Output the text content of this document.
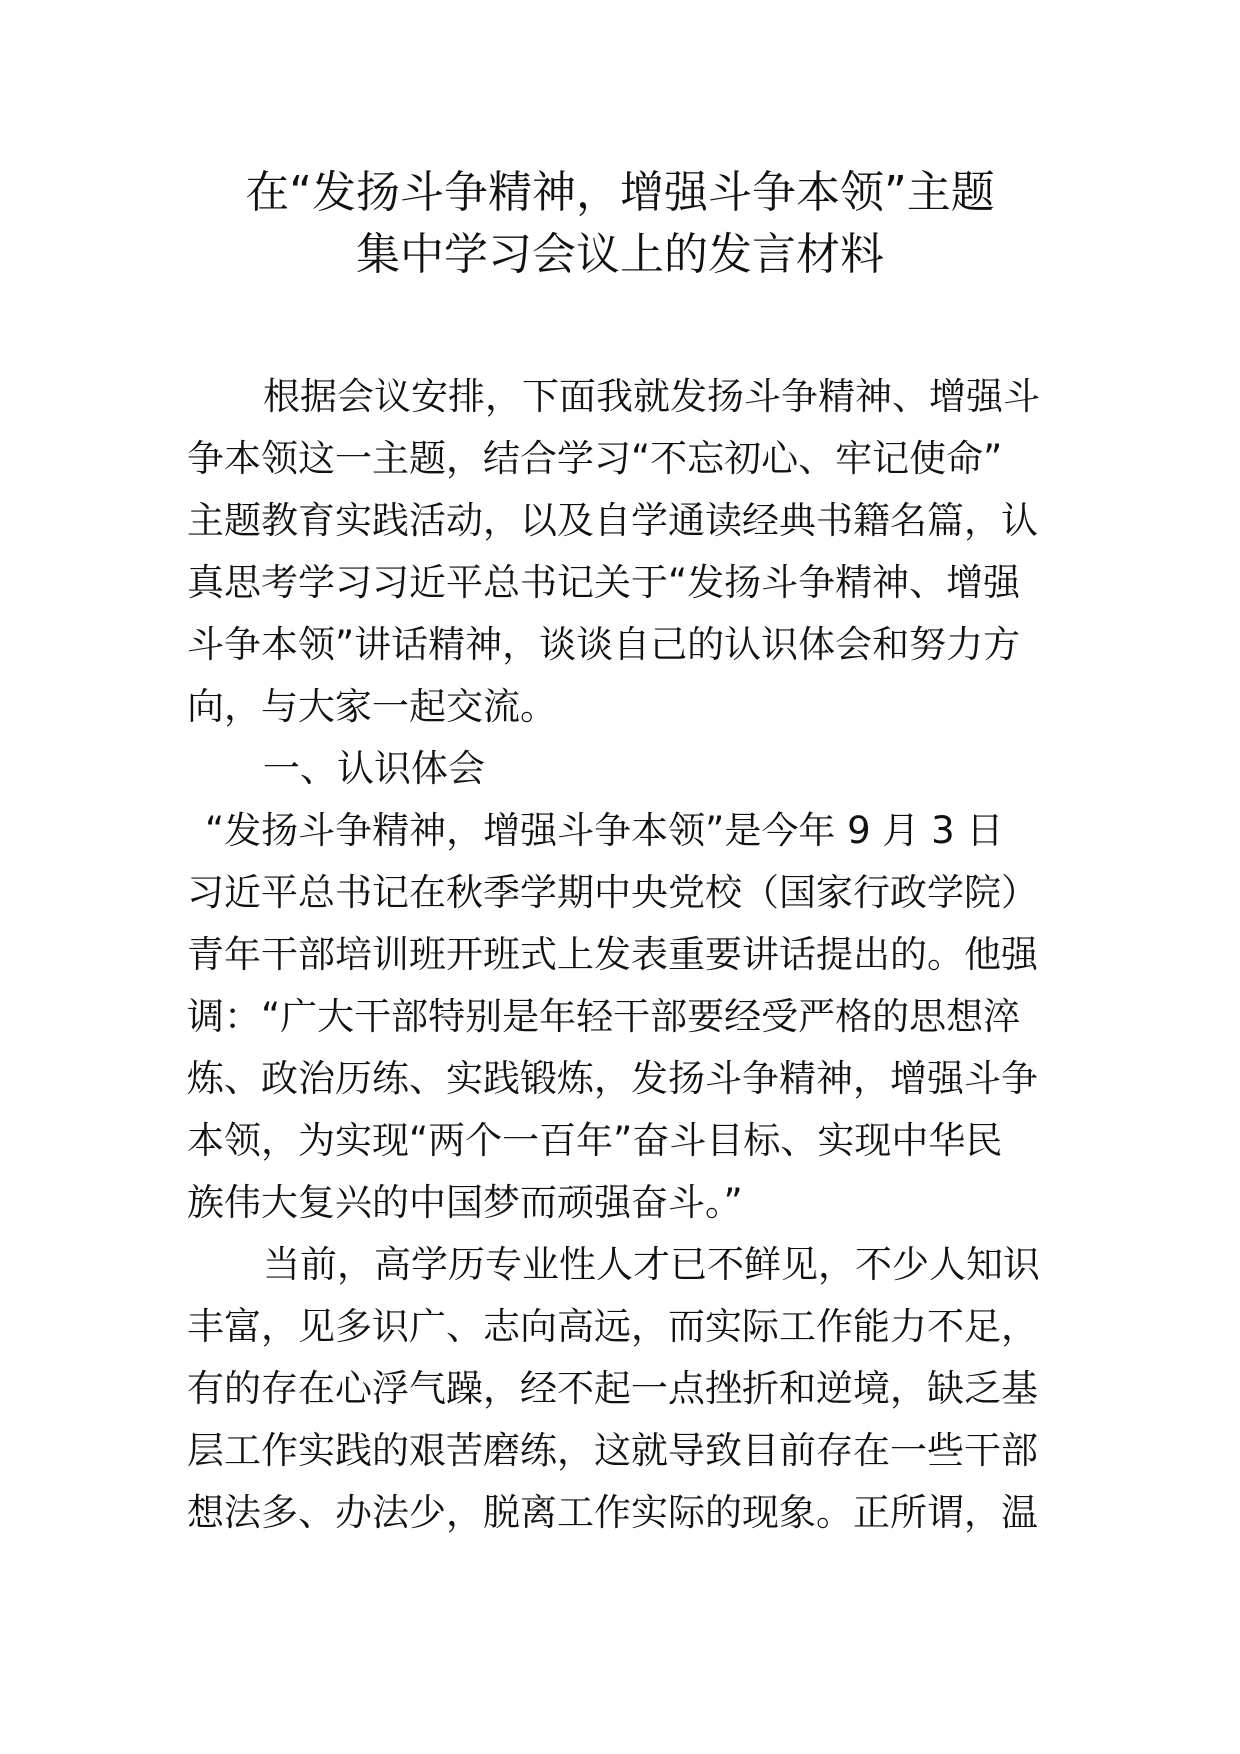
在“发扬斗争精神，增强斗争本领”主题
集中学习会议上的发言材料
根据会议安排，下面我就发扬斗争精神、增强斗
争本领这一主题，结合学习“不忘初心、牢记使命”
主题教育实践活动，以及自学通读经典书籍名篇，认
真思考学习习近平总书记关于“发扬斗争精神、增强
斗争本领”讲话精神，谈谈自己的认识体会和努力方
向，与大家一起交流。
一、认识体会
“发扬斗争精神，增强斗争本领”是今年 9 月 3 日
习近平总书记在秋季学期中央党校（国家行政学院）
青年干部培训班开班式上发表重要讲话提出的。他强
调：“广大干部特别是年轻干部要经受严格的思想淬
炼、政治历练、实践锻炼，发扬斗争精神，增强斗争
本领，为实现“两个一百年”奋斗目标、实现中华民
族伟大复兴的中国梦而顽强奋斗。”
当前，高学历专业性人才已不鲜见，不少人知识
丰富，见多识广、志向高远，而实际工作能力不足，
有的存在心浮气躁，经不起一点挫折和逆境，缺乏基
层工作实践的艰苦磨练，这就导致目前存在一些干部
想法多、办法少，脱离工作实际的现象。正所谓，温
